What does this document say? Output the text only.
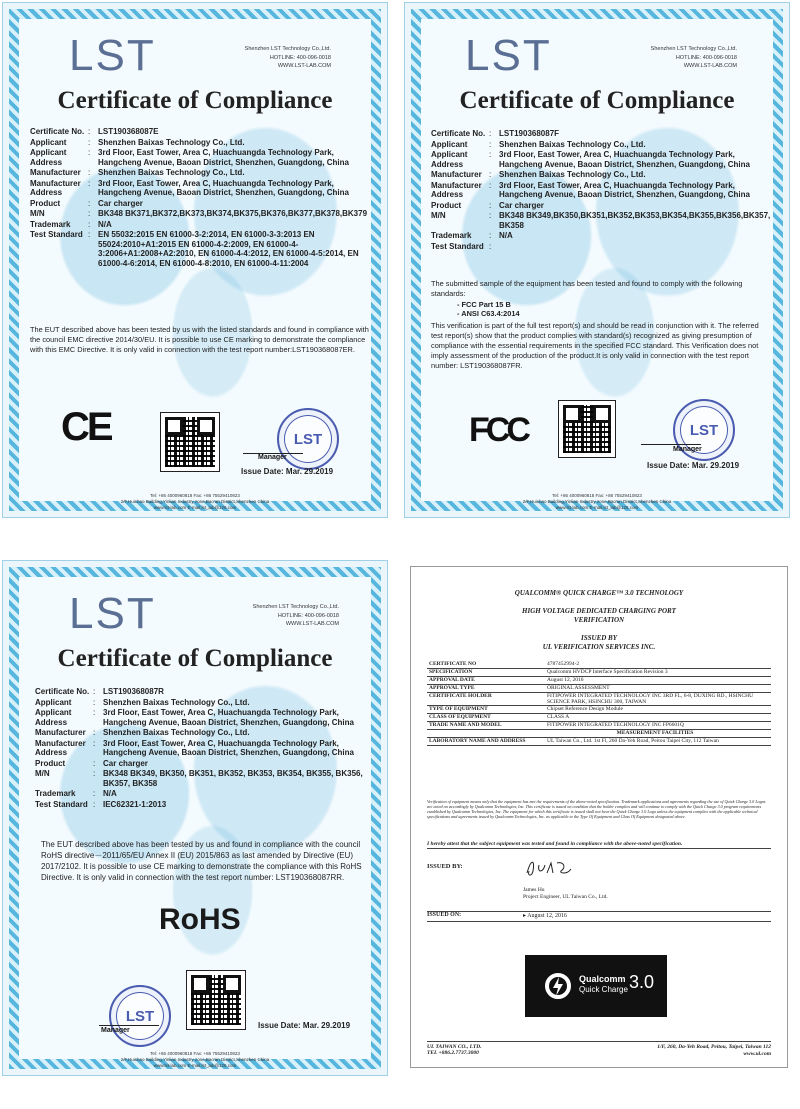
LST	Shenzhen LST Technology Co.,Ltd.
HOTLINE: 400-096-0018
WWW.LST-LAB.COM
Certificate of Compliance
Certificate No. : LST190368087E
Applicant	: Shenzhen Baixas Technology Co., Ltd.
Applicant Address
: 3rd Floor, East Tower, Area C, Huachuangda Technology Park, Hangcheng Avenue, Baoan District, Shenzhen, Guangdong, China
Manufacturer : Shenzhen Baixas Technology Co., Ltd.
Manufacturer Address
: 3rd Floor, East Tower, Area C, Huachuangda Technology Park, Hangcheng Avenue, Baoan District, Shenzhen, Guangdong, China
Product	: Car charger
M/N	: BK348 BK371,BK372,BK373,BK374,BK375,BK376,BK377,BK378,BK379
Trademark	: N/A
Test Standard : EN 55032:2015 EN 61000-3-2:2014, EN 61000-3-3:2013 EN 55024:2010+A1:2015 EN 61000-4-2:2009, EN 61000-4-3:2006+A1:2008+A2:2010, EN 61000-4-4:2012, EN 61000-4-5:2014, EN 61000-4-6:2014, EN 61000-4-8:2010, EN 61000-4-11:2004
The EUT described above has been tested by us with the listed standards and found in compliance with the council EMC directive 2014/30/EU. It is possible to use CE marking to demonstrate the compliance with this EMC Directive. It is only valid in connection with the test report number:LST190368087ER.
CE	LST
Manager
Issue Date: Mar. 29.2019
Tel: +86 4000960818 Fax: +86 75529410823
2/F,Huichao Building,Yinlian Industry zone,Bao'an District,Shenzhen China
www.lst-lab.com E-mail:lst_lab@126.com
LST	Shenzhen LST Technology Co.,Ltd.
HOTLINE: 400-096-0018
WWW.LST-LAB.COM
Certificate of Compliance
Certificate No. : LST190368087F
Applicant	: Shenzhen Baixas Technology Co., Ltd.
Applicant Address
: 3rd Floor, East Tower, Area C, Huachuangda Technology Park, Hangcheng Avenue, Baoan District, Shenzhen, Guangdong, China
Manufacturer : Shenzhen Baixas Technology Co., Ltd.
Manufacturer Address
: 3rd Floor, East Tower, Area C, Huachuangda Technology Park, Hangcheng Avenue, Baoan District, Shenzhen, Guangdong, China
Product	: Car charger
M/N	: BK348 BK349,BK350,BK351,BK352,BK353,BK354,BK355,BK356,BK357, BK358
Trademark	: N/A
Test Standard :
The submitted sample of the equipment has been tested and found to comply with the following standards:
- FCC Part 15 B
- ANSI C63.4:2014
This verification is part of the full test report(s) and should be read in conjunction with it. The referred test report(s) show that the product complies with standard(s) recognized as giving presumption of compliance with the essential requirements in the specified FCC standard. This Verification does not imply assessment of the production of the product.It is only valid in connection with the test report number: LST190368087FR.
FCC	LST
Manager
Issue Date: Mar. 29.2019
Tel: +86 4000960818 Fax: +86 75529410823
2/F,Huichao Building,Yinlian Industry zone,Bao'an District,Shenzhen China
www.lst-lab.com E-mail:lst_lab@126.com
LST	Shenzhen LST Technology Co.,Ltd.
HOTLINE: 400-096-0018
WWW.LST-LAB.COM
Certificate of Compliance
Certificate No. : LST190368087R
Applicant	: Shenzhen Baixas Technology Co., Ltd.
Applicant Address
: 3rd Floor, East Tower, Area C, Huachuangda Technology Park, Hangcheng Avenue, Baoan District, Shenzhen, Guangdong, China
Manufacturer : Shenzhen Baixas Technology Co., Ltd.
Manufacturer Address
: 3rd Floor, East Tower, Area C, Huachuangda Technology Park, Hangcheng Avenue, Baoan District, Shenzhen, Guangdong, China
Product	: Car charger
M/N	: BK348 BK349, BK350, BK351, BK352, BK353, BK354, BK355, BK356, BK357, BK358
Trademark	: N/A
Test Standard : IEC62321-1:2013
The EUT described above has been tested by us and found in compliance with the council RoHS directive－2011/65/EU Annex II (EU) 2015/863 as last amended by Directive (EU) 2017/2102. It is possible to use CE marking to demonstrate the compliance with this RoHS Directive. It is only valid in connection with the test report number: LST190368087RR.
RoHS
LST
Manager
Issue Date: Mar. 29.2019
Tel: +86 4000960818 Fax: +86 75529410823
2/F,Huichao Building,Yinlian Industry zone,Bao'an District,Shenzhen China
www.lst-lab.com E-mail:lst_lab@126.com
QUALCOMM® QUICK CHARGE™ 3.0 TECHNOLOGY
HIGH VOLTAGE DEDICATED CHARGING PORT
VERIFICATION
ISSUED BY
UL VERIFICATION SERVICES INC.
CERTIFICATE NO	4787452994-2
SPECIFICATION	Qualcomm HVDCP Interface Specification Revision 3
APPROVAL DATE	August 12, 2016
APPROVAL TYPE	ORIGINAL ASSESSMENT
CERTIFICATE HOLDER	FITIPOWER INTEGRATED TECHNOLOGY INC 3RD FL, 6-8, DUXING RD., HSINCHU SCIENCE PARK, HSINCHU 300, TAIWAN
TYPE OF EQUIPMENT	Chipset Reference Design Module
CLASS OF EQUIPMENT	CLASS A
TRADE NAME AND MODEL	FITIPOWER INTEGRATED TECHNOLOGY INC FP6601Q
	MEASUREMENT FACILITIES
LABORATORY NAME AND ADDRESS	UL Taiwan Co., Ltd. 1st Fl, 260 Da-Yeh Road, Peitou Taipei City, 112 Taiwan
Verification of equipment means only that the equipment has met the requirements of the above-noted specification. Trademark applications and agreements regarding the use of Quick Charge 3.0 Logos are acted on accordingly by Qualcomm Technologies, Inc. This certificate is issued on condition that the holder complies and will continue to comply with the Quick Charge 3.0 program requirements established by Qualcomm Technologies, Inc. The equipment for which this certificate is issued shall not bear the Quick Charge 3.0 Logo unless the equipment complies with the applicable technical specifications and agreements issued by Qualcomm Technologies, Inc. as applicable to the Type Of Equipment and Class Of Equipment designated above.
I hereby attest that the subject equipment was tested and found in compliance with the above-noted specification.
ISSUED BY:
James Hu
Project Engineer, UL Taiwan Co., Ltd.
ISSUED ON:	▸ August 12, 2016
Qualcomm
Quick Charge 3.0
UL TAIWAN CO., LTD.
TEL +886.2.7737.3000
1/F, 260, Da-Yeh Road, Peitou, Taipei, Taiwan 112
www.ul.com
